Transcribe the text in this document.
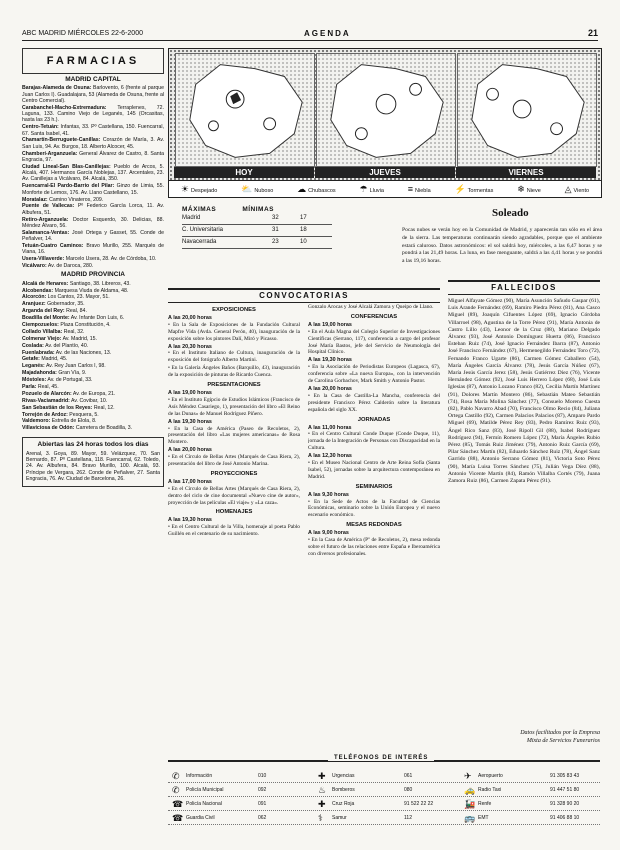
ABC MADRID MIÉRCOLES 22-6-2000	AGENDA	21
FARMACIAS
MADRID CAPITAL

Barajas-Alameda de Osuna: Barlovento, 6 (frente al parque Juan Carlos I). Guadalajara, 53 (Alameda de Osuna, frente al Centro Comercial).

Carabanchel-Macho-Extremadura: Terraplenes, 72. Laguna, 133. Camino Viejo de Leganés, 145 (Orcasitas, hasta las 23 h.).

Centro-Tetuán: Infantas, 33. Pº Castellana, 150. Fuencarral, 67. Santa Isabel, 41.

Chamartín-Berruguete-Canillas: Corazón de María, 3. Av. San Luis, 94. Av. Burgos, 18. Alberto Alcocer, 45.

Chamberí-Arganzuela: General Álvarez de Castro, 8. Santa Engracia, 97.

Ciudad Lineal-San Blas-Canillejas: Pueblo de Arcos, 5. Alcalá, 407. Hermanos García Noblejas, 137. Arcentales, 23. Av. Canillejas a Vicálvaro, 84. Alcalá, 350.

Fuencarral-El Pardo-Barrio del Pilar: Ginzo de Limia, 55. Monforte de Lemos, 176. Av. Llano Castellano, 15.

Moratalaz: Camino Vinateros, 209.

Puente de Vallecas: Pº Federico García Lorca, 11. Av. Albufera, 51.

Retiro-Arganzuela: Doctor Esquerdo, 30. Delicias, 88. Méndez Álvaro, 56.

Salamanca-Ventas: José Ortega y Gasset, 55. Conde de Peñalver, 14.

Tetuán-Cuatro Caminos: Bravo Murillo, 255. Marqués de Viana, 16.

Usera-Villaverde: Marcelo Usera, 28. Av. de Córdoba, 10.

Vicálvaro: Av. de Daroca, 280.

MADRID PROVINCIA

Alcalá de Henares: Santiago, 38. Libreros, 43.

Alcobendas: Marquesa Viuda de Aldama, 48.

Alcorcón: Los Cantos, 23. Mayor, 51.

Aranjuez: Gobernador, 35.

Arganda del Rey: Real, 84.

Boadilla del Monte: Av. Infante Don Luis, 6.

Ciempozuelos: Plaza Constitución, 4.

Collado Villalba: Real, 32.

Colmenar Viejo: Av. Madrid, 15.

Coslada: Av. del Plantío, 40.

Fuenlabrada: Av. de las Naciones, 13.

Getafe: Madrid, 45.

Leganés: Av. Rey Juan Carlos I, 98.

Majadahonda: Gran Vía, 9.

Móstoles: Av. de Portugal, 33.

Parla: Real, 45.

Pozuelo de Alarcón: Av. de Europa, 21.

Rivas-Vaciamadrid: Av. Covibar, 10.

San Sebastián de los Reyes: Real, 12.

Torrejón de Ardoz: Pesquera, 5.

Valdemoro: Estrella de Elola, 8.

Villaviciosa de Odón: Carretera de Boadilla, 3.

Abiertas las 24 horas todos los días

Arenal, 3. Goya, 89. Mayor, 59. Velázquez, 70. San Bernardo, 87. Pº Castellana, 118. Fuencarral, 62. Toledo, 24. Av. Albufera, 84. Bravo Murillo, 100. Alcalá, 93. Príncipe de Vergara, 262. Conde de Peñalver, 27. Santa Engracia, 76. Av. Ciudad de Barcelona, 26.

HOY	JUEVES	VIERNES
☀ Despejado	⛅ Nuboso	☁ Chubascos	☂ Lluvia	≡ Niebla	⚡ Tormentas	❄ Nieve	◬ Viento
MÁXIMAS	MÍNIMAS
Madrid	32	17
C. Universitaria	31	18
Navacerrada	23	10
Soleado
Pocas nubes se verán hoy en la Comunidad de Madrid, y aparecerán tan sólo en el área de la sierra. Las temperaturas continuarán siendo agradables, porque que el ambiente estará caluroso. Datos astronómicos: el sol saldrá hoy, miércoles, a las 6,47 horas y se pondrá a las 21,49 horas. La luna, en fase menguante, saldrá a las 4,41 horas y se pondrá a las 19,16 horas.
CONVOCATORIAS
EXPOSICIONES
A las 20,00 horas

• En la Sala de Exposiciones de la Fundación Cultural Mapfre Vida (Avda. General Perón, 40), inauguración de la exposición sobre los pintores Dalí, Miró y Picasso.

A las 20,30 horas

• En el Instituto Italiano de Cultura, inauguración de la exposición del fotógrafo Alberto Martini.

• En la Galería Ángeles Baños (Barquillo, 43), inauguración de la exposición de pinturas de Ricardo Cuenca.

PRESENTACIONES
A las 19,00 horas

• En el Instituto Egipcio de Estudios Islámicos (Francisco de Asís Méndez Casariego, 1), presentación del libro «El Reino de las Dunas» de Manuel Rodríguez Piñero.

A las 19,30 horas

• En la Casa de América (Paseo de Recoletos, 2), presentación del libro «Las mujeres americanas» de Rosa Montero.

A las 20,00 horas

• En el Círculo de Bellas Artes (Marqués de Casa Riera, 2), presentación del libro de José Antonio Marina.

PROYECCIONES
A las 17,00 horas

• En el Círculo de Bellas Artes (Marqués de Casa Riera, 2), dentro del ciclo de cine documental «Nuevo cine de autor», proyección de las películas «El viaje» y «La caza».

HOMENAJES
A las 19,30 horas

• En el Centro Cultural de la Villa, homenaje al poeta Pablo Guillén en el centenario de su nacimiento.

Gonzalo Arocas y José Alcalá Zamora y Queipo de Llano.

CONFERENCIAS
A las 19,00 horas

• En el Aula Magna del Colegio Superior de Investigaciones Científicas (Serrano, 117), conferencia a cargo del profesor José María Bastos, jefe del Servicio de Neumología del Hospital Clínico.

A las 19,30 horas

• En la Asociación de Periodistas Europeos (Lagasca, 67), conferencia sobre «La nueva Europa», con la intervención de Carolina Gorbachov, Mark Smith y Antonio Pastor.

A las 20,00 horas

• En la Casa de Castilla-La Mancha, conferencia del presidente Francisco Pérez Calderón sobre la literatura española del siglo XX.

JORNADAS
A las 11,00 horas

• En el Centro Cultural Conde Duque (Conde Duque, 11), jornada de la Integración de Personas con Discapacidad en la Cultura.

A las 12,30 horas

• En el Museo Nacional Centro de Arte Reina Sofía (Santa Isabel, 52), jornadas sobre la arquitectura contemporánea en Madrid.

SEMINARIOS
A las 9,30 horas

• En la Sede de Actos de la Facultad de Ciencias Económicas, seminario sobre la Unión Europea y el nuevo escenario económico.

MESAS REDONDAS
A las 9,00 horas

• En la Casa de América (Pº de Recoletos, 2), mesa redonda sobre el futuro de las relaciones entre España e Iberoamérica con diversos profesionales.

FALLECIDOS
Miguel Alfayate Gómez (90), María Asunción Sañudo Gaspar (61), Luis Arande Fernández (69), Ramiro Piedra Pérez (81), Ana Casco Miguel (89), Joaquín Cifuentes López (69), Ignacio Córdoba Villarroel (98), Agustina de la Torre Pérez (91), María Antonia de Castro Lillo (43), Leonor de la Cruz (88), Mariano Delgado Álvarez (93), José Antonio Domínguez Huerta (86), Francisco Esteban Ruiz (74), José Ignacio Fernández Ibarra (87), Antonio José Francisco Fernández (67), Hermenegildo Fernández Toro (72), Fernando Franco Ugarte (86), Carmen Gómez Caballero (54), María Ángeles García Álvarez (78), Jesús García Núñez (67), María Jesús García Jerez (58), Jesús Gutiérrez Díez (76), Vicente Hernández Gómez (92), José Luis Herrero López (68), José Luis Iglesias (87), Antonio Lozano Franco (82), Cecilia Martín Martínez (91), Dolores Martín Montero (86), Sebastián Mateo Sebastián (74), Rosa María Molina Sánchez (77), Consuelo Moreno Cuesta (82), Pablo Navarro Abad (70), Francisco Olmo Recio (84), Juliana Ortega Castillo (92), Carmen Palacios Palacios (87), Amparo Pardo Miguel (69), Matilde Pérez Rey (83), Pedro Ramírez Ruiz (93), Ángel Rico Sanz (83), José Ripoll Gil (88), Isabel Rodríguez Rodríguez (94), Fermín Romero López (72), María Ángeles Rubio Pérez (85), Tomás Ruiz Jiménez (79), Antonio Ruiz García (69), Pilar Sánchez Martín (82), Eduardo Sánchez Ruiz (78), Ángel Sanz Garrido (88), Antonio Serrano Gómez (81), Victoria Soto Pérez (90), María Luisa Torres Sánchez (75), Julián Vega Díez (88), Antonio Vicente Martín (84), Ramón Villalba Cortés (79), Juana Zamora Ruiz (86), Carmen Zapata Pérez (91).
Datos facilitados por la Empresa
Mixta de Servicios Funerarios
TELÉFONOS DE INTERÉS
✆ Información	010	✚ Urgencias	061	✈ Aeropuerto	91 305 83 43
✆ Policía Municipal	092	♨ Bomberos	080	🚕 Radio Taxi	91 447 51 80
☎ Policía Nacional	091	✚ Cruz Roja	91 522 22 22	🚂 Renfe	91 328 90 20
☎ Guardia Civil	062	⚕ Samur	112	🚌 EMT	91 406 88 10
